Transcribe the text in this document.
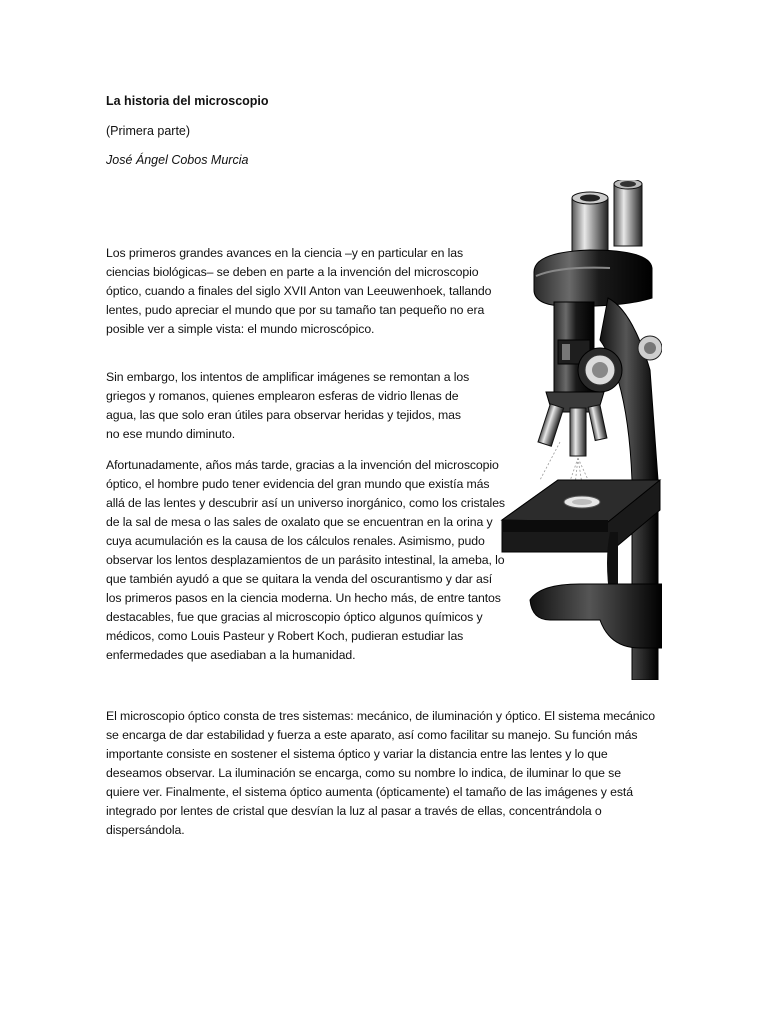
La historia del microscopio
(Primera parte)
José Ángel Cobos Murcia

Los primeros grandes avances en la ciencia –y en particular en las ciencias biológicas– se deben en parte a la invención del microscopio óptico, cuando a finales del siglo XVII Anton van Leeuwenhoek, tallando lentes, pudo apreciar el mundo que por su tamaño tan pequeño no era posible ver a simple vista: el mundo microscópico.

Sin embargo, los intentos de amplificar imágenes se remontan a los griegos y romanos, quienes emplearon esferas de vidrio llenas de agua, las que solo eran útiles para observar heridas y tejidos, mas no ese mundo diminuto.

Afortunadamente, años más tarde, gracias a la invención del microscopio óptico, el hombre pudo tener evidencia del gran mundo que existía más allá de las lentes y descubrir así un universo inorgánico, como los cristales de la sal de mesa o las sales de oxalato que se encuentran en la orina y cuya acumulación es la causa de los cálculos renales. Asimismo, pudo observar los lentos desplazamientos de un parásito intestinal, la ameba, lo que también ayudó a que se quitara la venda del oscurantismo y dar así los primeros pasos en la ciencia moderna. Un hecho más, de entre tantos destacables, fue que gracias al microscopio óptico algunos químicos y médicos, como Louis Pasteur y Robert Koch, pudieran estudiar las enfermedades que asediaban a la humanidad.

El microscopio óptico consta de tres sistemas: mecánico, de iluminación y óptico. El sistema mecánico se encarga de dar estabilidad y fuerza a este aparato, así como facilitar su manejo. Su función más importante consiste en sostener el sistema óptico y variar la distancia entre las lentes y lo que deseamos observar. La iluminación se encarga, como su nombre lo indica, de iluminar lo que se quiere ver. Finalmente, el sistema óptico aumenta (ópticamente) el tamaño de las imágenes y está integrado por lentes de cristal que desvían la luz al pasar a través de ellas, concentrándola o dispersándola.
